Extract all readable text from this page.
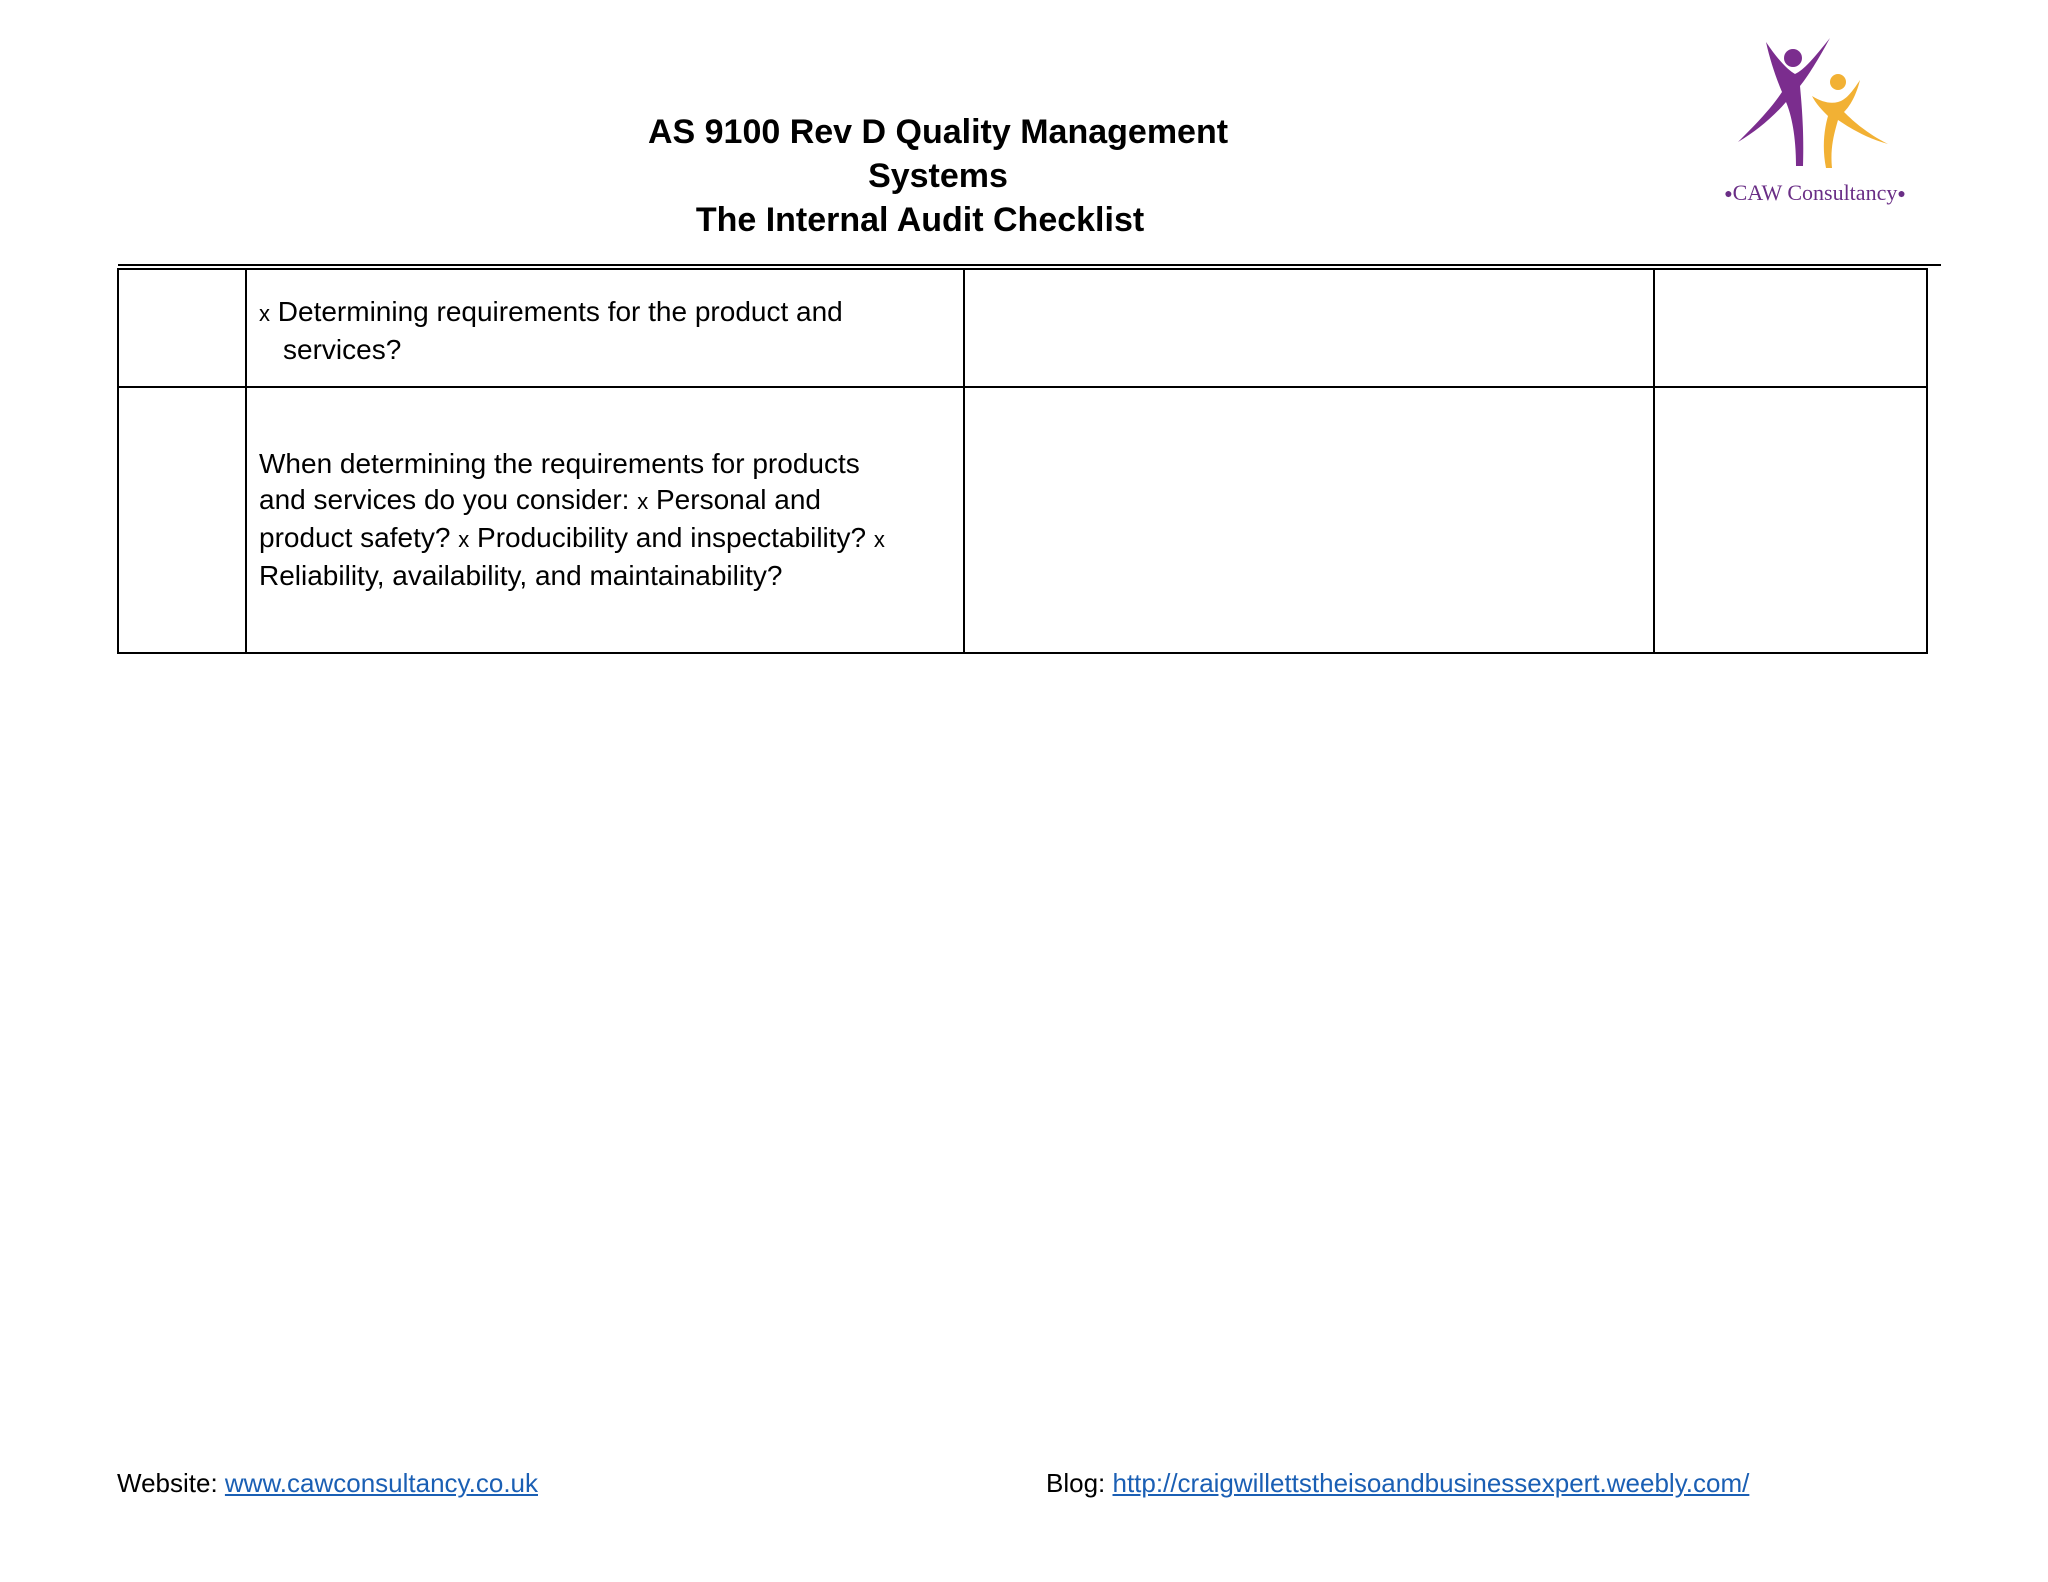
AS 9100 Rev D Quality Management Systems
The Internal Audit Checklist
●CAW Consultancy●

	x Determining requirements for the product and
services?		

	When determining the requirements for products
and services do you consider: x Personal and
product safety? x Producibility and inspectability? x
Reliability, availability, and maintainability?		

Website: www.cawconsultancy.co.uk	Blog: http://craigwillettstheisoandbusinessexpert.weebly.com/
